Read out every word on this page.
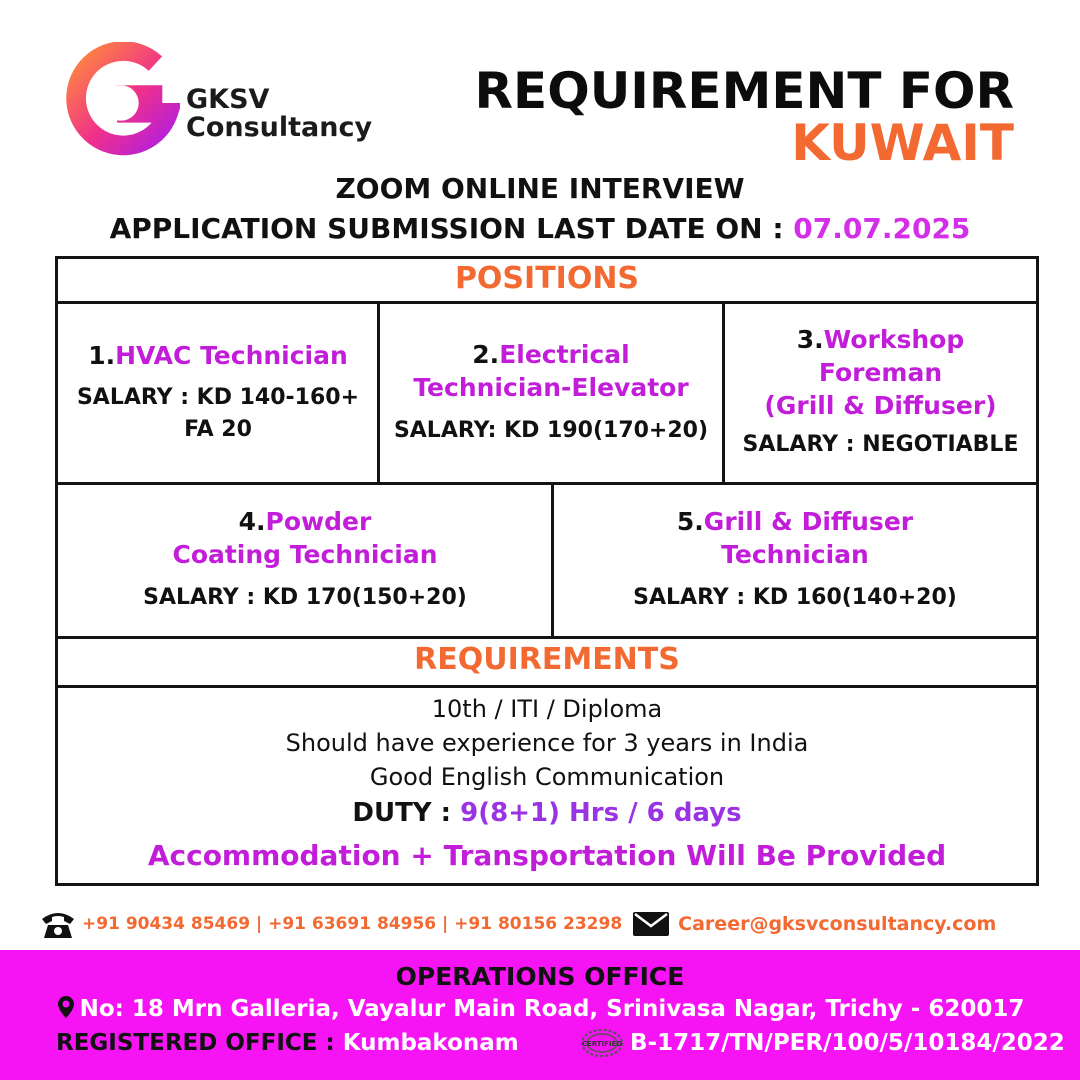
GKSV
Consultancy
REQUIREMENT FOR
KUWAIT
ZOOM ONLINE INTERVIEW
APPLICATION SUBMISSION LAST DATE ON : 07.07.2025
POSITIONS
1.HVAC Technician
SALARY : KD 140-160+
FA 20
2.Electrical
Technician-Elevator
SALARY: KD 190(170+20)
3.Workshop
Foreman
(Grill & Diffuser)
SALARY : NEGOTIABLE
4.Powder
Coating Technician
SALARY : KD 170(150+20)
5.Grill & Diffuser
Technician
SALARY : KD 160(140+20)
REQUIREMENTS
10th / ITI / Diploma
Should have experience for 3 years in India
Good English Communication
DUTY : 9(8+1) Hrs / 6 days
Accommodation + Transportation Will Be Provided
+91 90434 85469 | +91 63691 84956 | +91 80156 23298	Career@gksvconsultancy.com
OPERATIONS OFFICE
No: 18 Mrn Galleria, Vayalur Main Road, Srinivasa Nagar, Trichy - 620017
REGISTERED OFFICE : Kumbakonam	CERTIFIED B-1717/TN/PER/100/5/10184/2022
